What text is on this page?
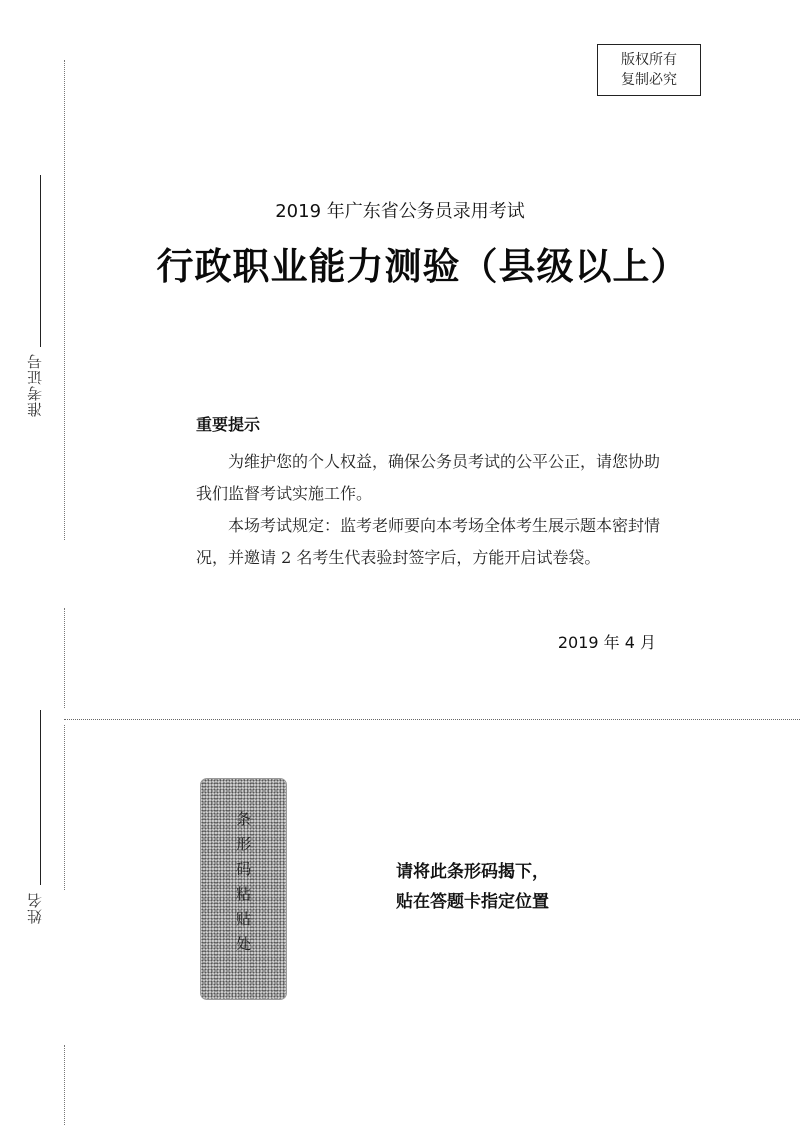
版权所有
复制必究
准考证号
姓名
2019 年广东省公务员录用考试
行政职业能力测验（县级以上）
重要提示

为维护您的个人权益，确保公务员考试的公平公正，请您协助我们监督考试实施工作。

本场考试规定：监考老师要向本考场全体考生展示题本密封情况，并邀请 2 名考生代表验封签字后，方能开启试卷袋。

2019 年 4 月
条形码粘贴处	请将此条形码揭下，
贴在答题卡指定位置
